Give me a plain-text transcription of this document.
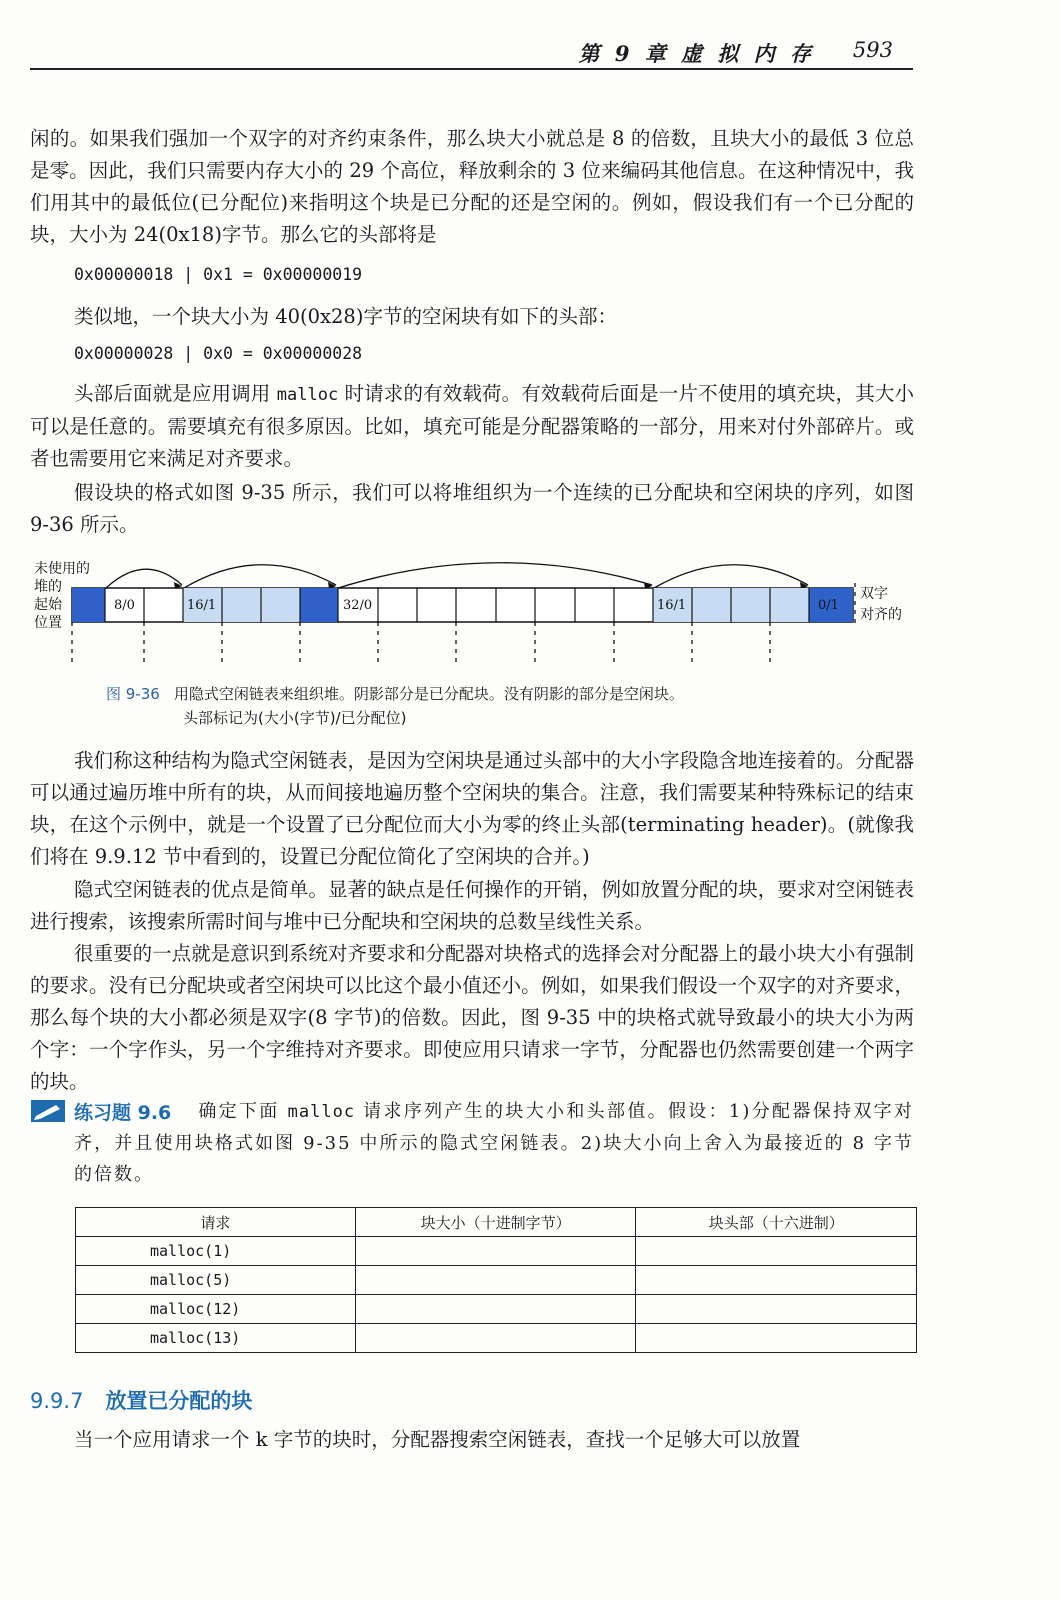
第 9 章 虚 拟 内 存 593

闲的。如果我们强加一个双字的对齐约束条件，那么块大小就总是 8 的倍数，且块大小的最低 3 位总是零。因此，我们只需要内存大小的 29 个高位，释放剩余的 3 位来编码其他信息。在这种情况中，我们用其中的最低位(已分配位)来指明这个块是已分配的还是空闲的。例如，假设我们有一个已分配的块，大小为 24(0x18)字节。那么它的头部将是

0x00000018 | 0x1 = 0x00000019

类似地，一个块大小为 40(0x28)字节的空闲块有如下的头部：

0x00000028 | 0x0 = 0x00000028

头部后面就是应用调用 malloc 时请求的有效载荷。有效载荷后面是一片不使用的填充块，其大小可以是任意的。需要填充有很多原因。比如，填充可能是分配器策略的一部分，用来对付外部碎片。或者也需要用它来满足对齐要求。

假设块的格式如图 9-35 所示，我们可以将堆组织为一个连续的已分配块和空闲块的序列，如图 9-36 所示。

未使用的
堆的
起始
位置
8/0	16/1	32/0	16/1	0/1
双字
对齐的
图 9-36 用隐式空闲链表来组织堆。阴影部分是已分配块。没有阴影的部分是空闲块。
头部标记为(大小(字节)/已分配位)

我们称这种结构为隐式空闲链表，是因为空闲块是通过头部中的大小字段隐含地连接着的。分配器可以通过遍历堆中所有的块，从而间接地遍历整个空闲块的集合。注意，我们需要某种特殊标记的结束块，在这个示例中，就是一个设置了已分配位而大小为零的终止头部(terminating header)。(就像我们将在 9.9.12 节中看到的，设置已分配位简化了空闲块的合并。)

隐式空闲链表的优点是简单。显著的缺点是任何操作的开销，例如放置分配的块，要求对空闲链表进行搜索，该搜索所需时间与堆中已分配块和空闲块的总数呈线性关系。

很重要的一点就是意识到系统对齐要求和分配器对块格式的选择会对分配器上的最小块大小有强制的要求。没有已分配块或者空闲块可以比这个最小值还小。例如，如果我们假设一个双字的对齐要求，那么每个块的大小都必须是双字(8 字节)的倍数。因此，图 9-35 中的块格式就导致最小的块大小为两个字：一个字作头，另一个字维持对齐要求。即使应用只请求一字节，分配器也仍然需要创建一个两字的块。

确定下面 malloc 请求序列产生的块大小和头部值。假设：1)分配器保持双字对齐，并且使用块格式如图 9-35 中所示的隐式空闲链表。2)块大小向上舍入为最接近的 8 字节的倍数。

练习题 9.6
请求	块大小（十进制字节）	块头部（十六进制）
malloc(1)		
malloc(5)		
malloc(12)		
malloc(13)		
9.9.7 放置已分配的块

当一个应用请求一个 k 字节的块时，分配器搜索空闲链表，查找一个足够大可以放置
